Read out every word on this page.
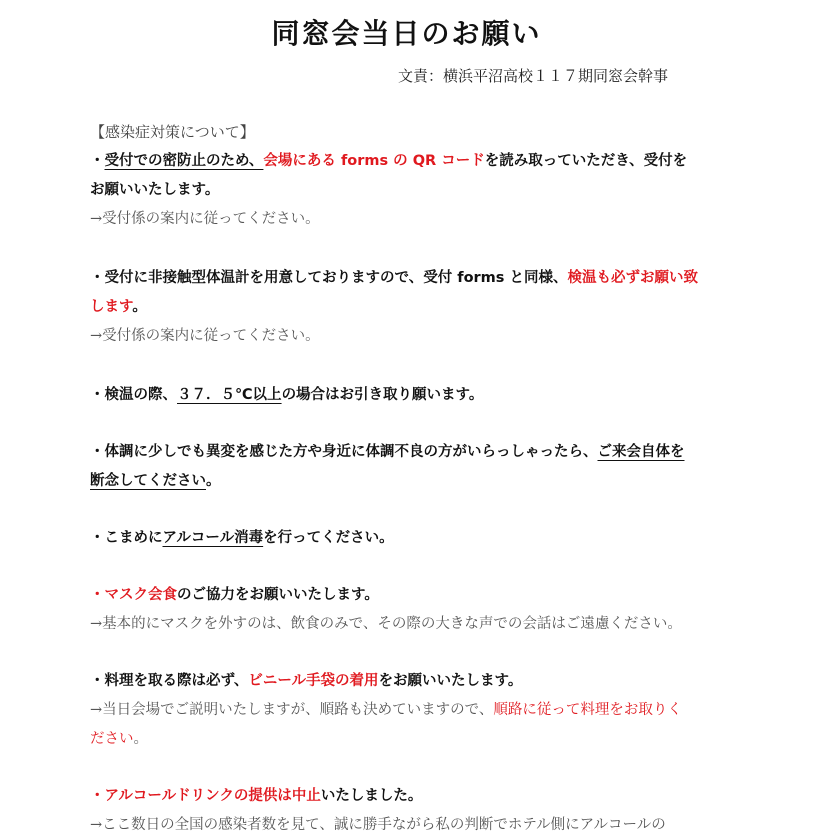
同窓会当日のお願い
文責：横浜平沼高校１１７期同窓会幹事

【感染症対策について】

・受付での密防止のため、会場にある forms の QR コードを読み取っていただき、受付を

お願いいたします。

→受付係の案内に従ってください。

・受付に非接触型体温計を用意しておりますので、受付 forms と同様、検温も必ずお願い致

します。

→受付係の案内に従ってください。

・検温の際、３７．５℃以上の場合はお引き取り願います。

・体調に少しでも異変を感じた方や身近に体調不良の方がいらっしゃったら、ご来会自体を

断念してください。

・こまめにアルコール消毒を行ってください。

・マスク会食のご協力をお願いいたします。

→基本的にマスクを外すのは、飲食のみで、その際の大きな声での会話はご遠慮ください。

・料理を取る際は必ず、ビニール手袋の着用をお願いいたします。

→当日会場でご説明いたしますが、順路も決めていますので、順路に従って料理をお取りく

ださい。

・アルコールドリンクの提供は中止いたしました。

→ここ数日の全国の感染者数を見て、誠に勝手ながら私の判断でホテル側にアルコールの
